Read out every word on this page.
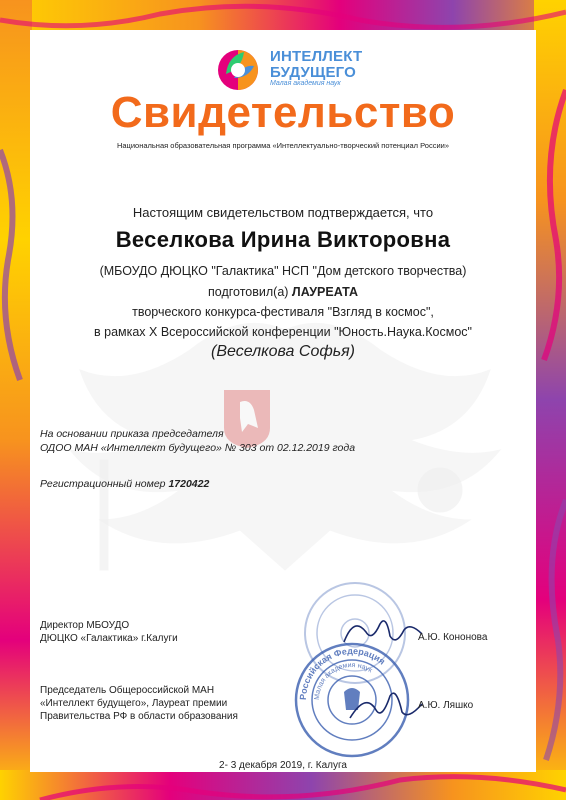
ИНТЕЛЛЕКТ
БУДУЩЕГО
Малая академия наук
Свидетельство
Национальная образовательная программа «Интеллектуально-творческий потенциал России»
Настоящим свидетельством подтверждается, что
Веселкова Ирина Викторовна
(МБОУДО ДЮЦКО "Галактика" НСП "Дом детского творчества)
подготовил(а) ЛАУРЕАТА
творческого конкурса-фестиваля "Взгляд в космос",
в рамках X Всероссийской конференции "Юность.Наука.Космос"
(Веселкова Софья)
На основании приказа председателя
ОДОО МАН «Интеллект будущего» № 303 от 02.12.2019 года
Регистрационный номер 1720422
Российская Федерация
Малая академия наук
Директор МБОУДО
ДЮЦКО «Галактика» г.Калуги	А.Ю. Кононова
Председатель Общероссийской МАН
«Интеллект будущего», Лауреат премии
Правительства РФ в области образования
А.Ю. Ляшко
2- 3 декабря 2019, г. Калуга
